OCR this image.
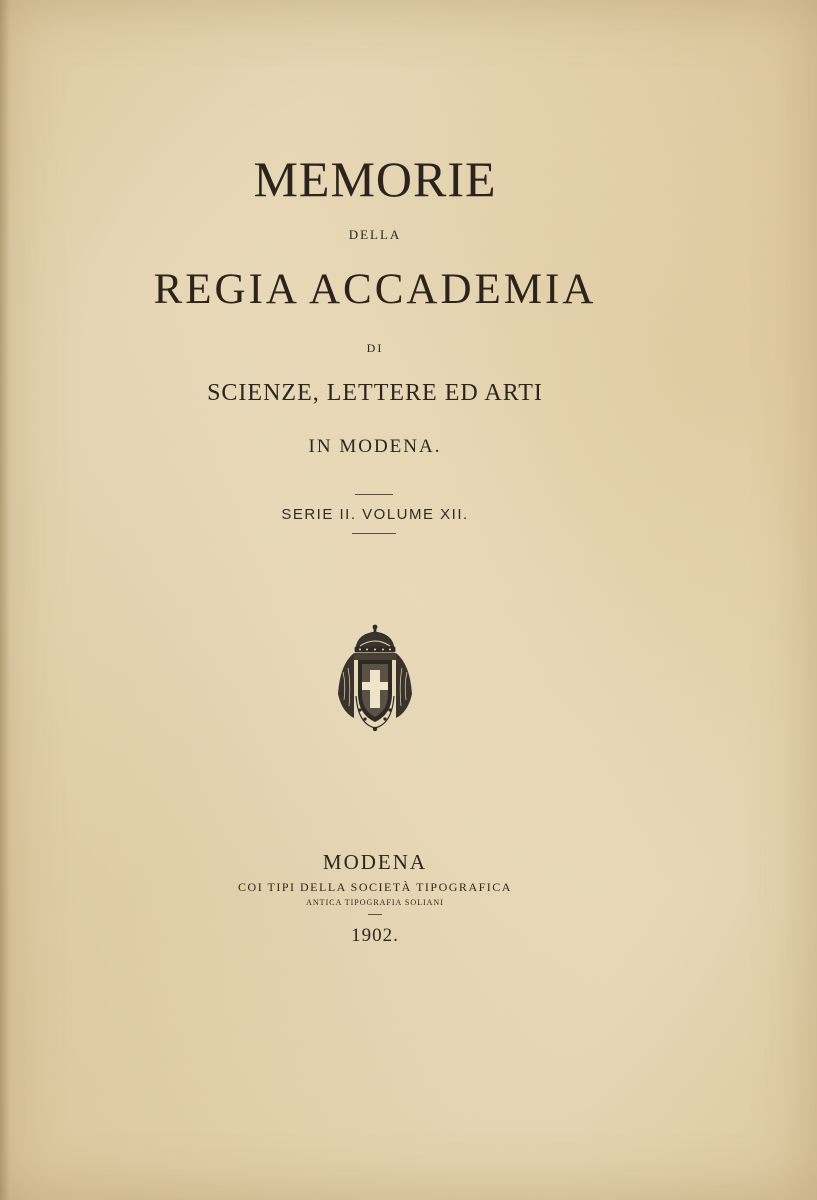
MEMORIE

DELLA

REGIA ACCADEMIA

DI

SCIENZE, LETTERE ED ARTI

IN MODENA.

SERIE II. VOLUME XII.

MODENA

COI TIPI DELLA SOCIETÀ TIPOGRAFICA

ANTICA TIPOGRAFIA SOLIANI

1902.
